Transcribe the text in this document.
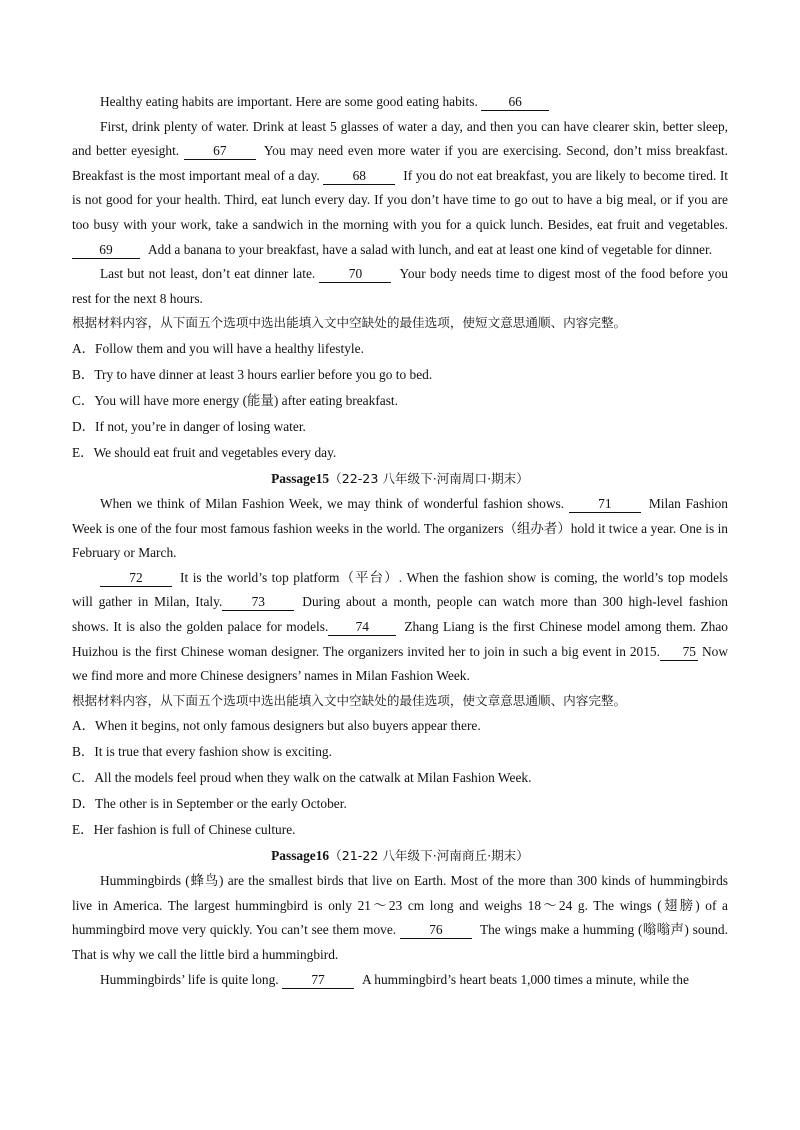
Healthy eating habits are important. Here are some good eating habits. 66

First, drink plenty of water. Drink at least 5 glasses of water a day, and then you can have clearer skin, better sleep, and better eyesight.	67	You may need even more water if you are exercising. Second, don’t miss breakfast. Breakfast is the most important meal of a day. 68	If you do not eat breakfast, you are likely to become tired. It is not good for your health. Third, eat lunch every day. If you don’t have time to go out to have a big meal, or if you are too busy with your work, take a sandwich in the morning with you for a quick lunch. Besides, eat fruit and vegetables. 69	Add a banana to your breakfast, have a salad with lunch, and eat at least one kind of vegetable for dinner.

Last but not least, don’t eat dinner late.	70	Your body needs time to digest most of the food before you rest for the next 8 hours.

根据材料内容，从下面五个选项中选出能填入文中空缺处的最佳选项，使短文意思通顺、内容完整。

A．Follow them and you will have a healthy lifestyle.

B．Try to have dinner at least 3 hours earlier before you go to bed.

C．You will have more energy (能量) after eating breakfast.

D．If not, you’re in danger of losing water.

E．We should eat fruit and vegetables every day.

Passage15（22-23 八年级下·河南周口·期末）

When we think of Milan Fashion Week, we may think of wonderful fashion shows.	71	Milan Fashion Week is one of the four most famous fashion weeks in the world. The organizers（组办者）hold it twice a year. One is in February or March.

72	It is the world’s top platform（平台）. When the fashion show is coming, the world’s top models will gather in Milan, Italy. 73	During about a month, people can watch more than 300 high-level fashion shows. It is also the golden palace for models. 74	Zhang Liang is the first Chinese model among them. Zhao Huizhou is the first Chinese woman designer. The organizers invited her to join in such a big event in 2015. 75 Now we find more and more Chinese designers’ names in Milan Fashion Week.

根据材料内容，从下面五个选项中选出能填入文中空缺处的最佳选项，使文章意思通顺、内容完整。

A．When it begins, not only famous designers but also buyers appear there.

B．It is true that every fashion show is exciting.

C．All the models feel proud when they walk on the catwalk at Milan Fashion Week.

D．The other is in September or the early October.

E．Her fashion is full of Chinese culture.

Passage16（21-22 八年级下·河南商丘·期末）

Hummingbirds (蜂鸟) are the smallest birds that live on Earth. Most of the more than 300 kinds of hummingbirds live in America. The largest hummingbird is only 21～23 cm long and weighs 18～24 g. The wings (翅膀) of a hummingbird move very quickly. You can’t see them move. 76	The wings make a humming (嗡嗡声) sound. That is why we call the little bird a hummingbird.

Hummingbirds’ life is quite long. 77	A hummingbird’s heart beats 1,000 times a minute, while the
